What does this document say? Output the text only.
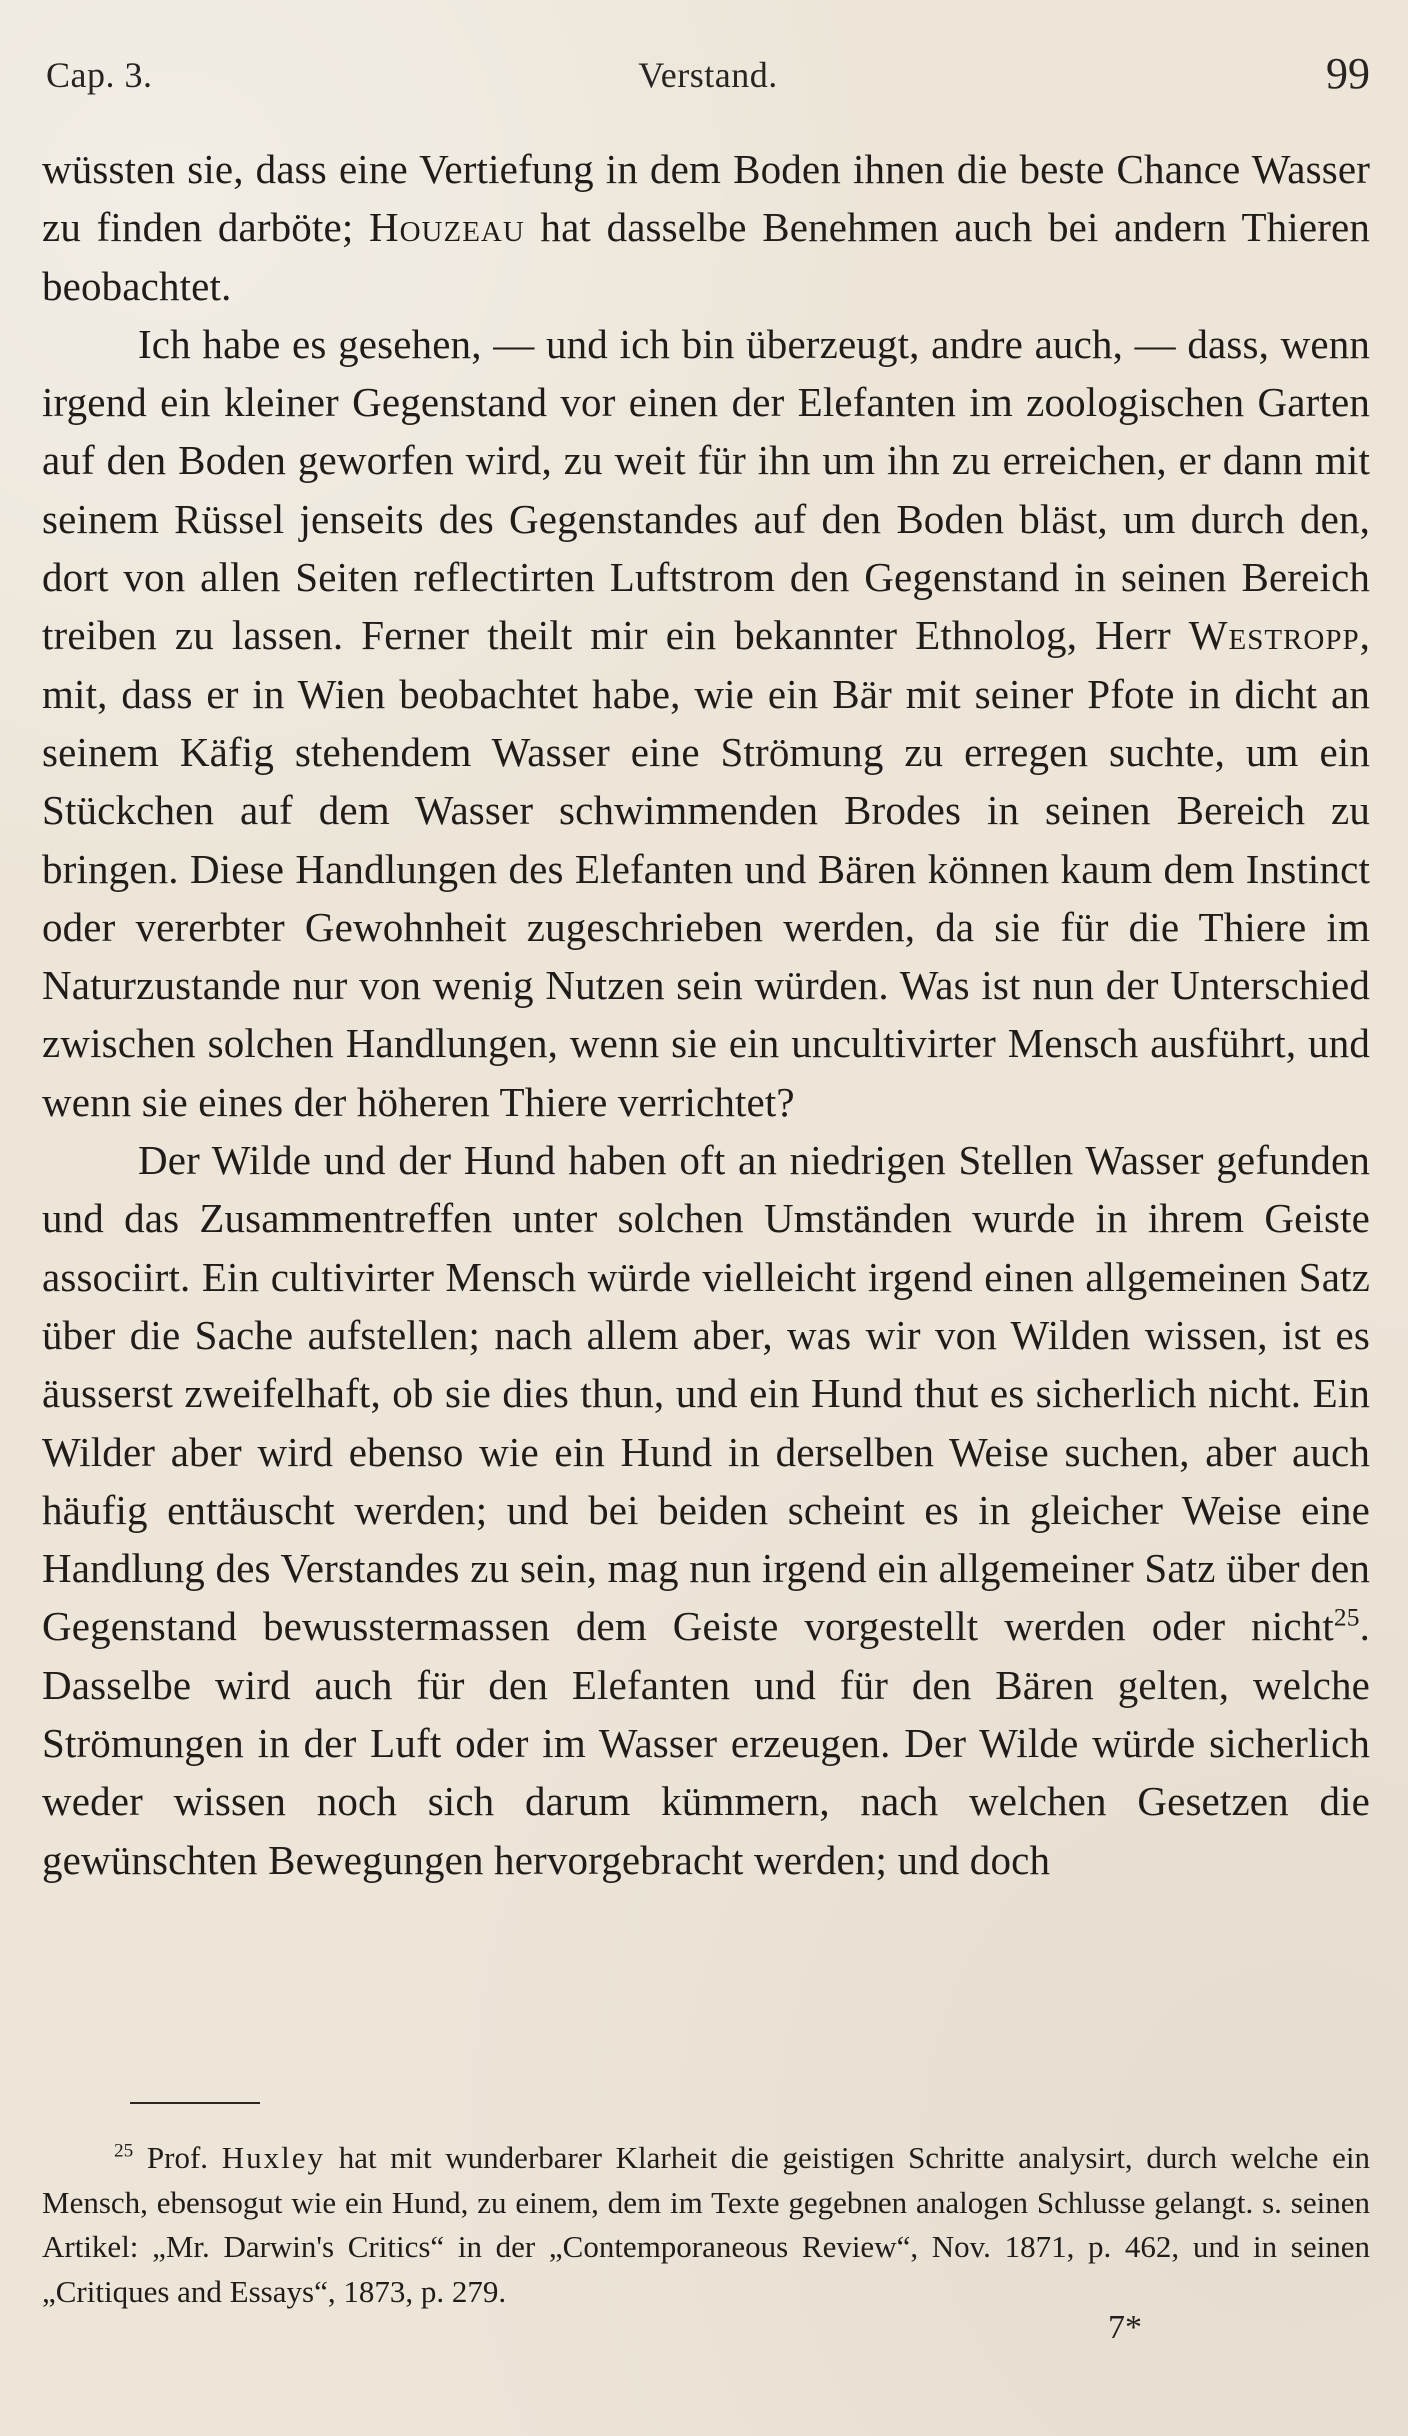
Cap. 3.	Verstand.	99

wüssten sie, dass eine Vertiefung in dem Boden ihnen die beste Chance Wasser zu finden darböte; Houzeau hat dasselbe Benehmen auch bei andern Thieren beobachtet.

Ich habe es gesehen, — und ich bin überzeugt, andre auch, — dass, wenn irgend ein kleiner Gegenstand vor einen der Elefanten im zoologischen Garten auf den Boden geworfen wird, zu weit für ihn um ihn zu erreichen, er dann mit seinem Rüssel jenseits des Gegenstandes auf den Boden bläst, um durch den, dort von allen Seiten reflectirten Luftstrom den Gegenstand in seinen Bereich treiben zu lassen. Ferner theilt mir ein bekannter Ethnolog, Herr Westropp, mit, dass er in Wien beobachtet habe, wie ein Bär mit seiner Pfote in dicht an seinem Käfig stehendem Wasser eine Strömung zu erregen suchte, um ein Stückchen auf dem Wasser schwimmenden Brodes in seinen Bereich zu bringen. Diese Handlungen des Elefanten und Bären können kaum dem Instinct oder vererbter Gewohnheit zugeschrieben werden, da sie für die Thiere im Naturzustande nur von wenig Nutzen sein würden. Was ist nun der Unterschied zwischen solchen Handlungen, wenn sie ein uncultivirter Mensch ausführt, und wenn sie eines der höheren Thiere verrichtet?

Der Wilde und der Hund haben oft an niedrigen Stellen Wasser gefunden und das Zusammentreffen unter solchen Umständen wurde in ihrem Geiste associirt. Ein cultivirter Mensch würde vielleicht irgend einen allgemeinen Satz über die Sache aufstellen; nach allem aber, was wir von Wilden wissen, ist es äusserst zweifelhaft, ob sie dies thun, und ein Hund thut es sicherlich nicht. Ein Wilder aber wird ebenso wie ein Hund in derselben Weise suchen, aber auch häufig enttäuscht werden; und bei beiden scheint es in gleicher Weise eine Handlung des Verstandes zu sein, mag nun irgend ein allgemeiner Satz über den Gegenstand bewusstermassen dem Geiste vorgestellt werden oder nicht$^{25}$. Dasselbe wird auch für den Elefanten und für den Bären gelten, welche Strömungen in der Luft oder im Wasser erzeugen. Der Wilde würde sicherlich weder wissen noch sich darum kümmern, nach welchen Gesetzen die gewünschten Bewegungen hervorgebracht werden; und doch

$^{25}$ Prof. Huxley hat mit wunderbarer Klarheit die geistigen Schritte analysirt, durch welche ein Mensch, ebensogut wie ein Hund, zu einem, dem im Texte gegebnen analogen Schlusse gelangt. s. seinen Artikel: „Mr. Darwin's Critics“ in der „Contemporaneous Review“, Nov. 1871, p. 462, und in seinen „Critiques and Essays“, 1873, p. 279.

7*
